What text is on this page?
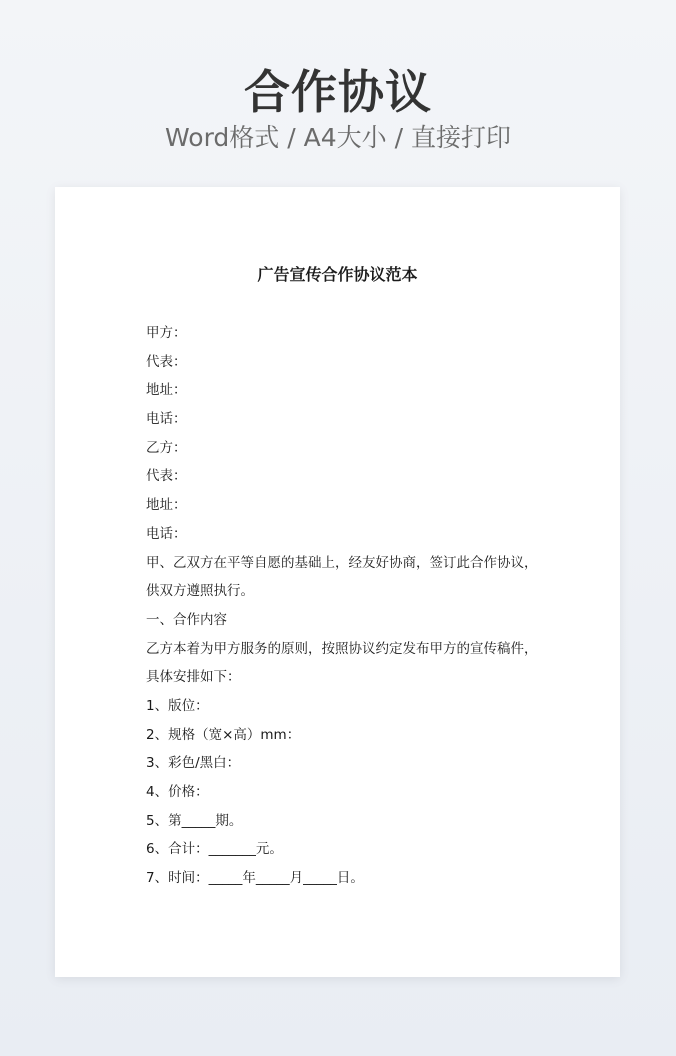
合作协议
Word格式 / A4大小 / 直接打印
广告宣传合作协议范本
甲方：
代表：
地址：
电话：
乙方：
代表：
地址：
电话：
甲、乙双方在平等自愿的基础上，经友好协商，签订此合作协议，
供双方遵照执行。
一、合作内容
乙方本着为甲方服务的原则，按照协议约定发布甲方的宣传稿件，
具体安排如下：
1、版位：
2、规格（宽×高）mm：
3、彩色/黑白：
4、价格：
5、第_____期。
6、合计：_______元。
7、时间：_____年_____月_____日。
